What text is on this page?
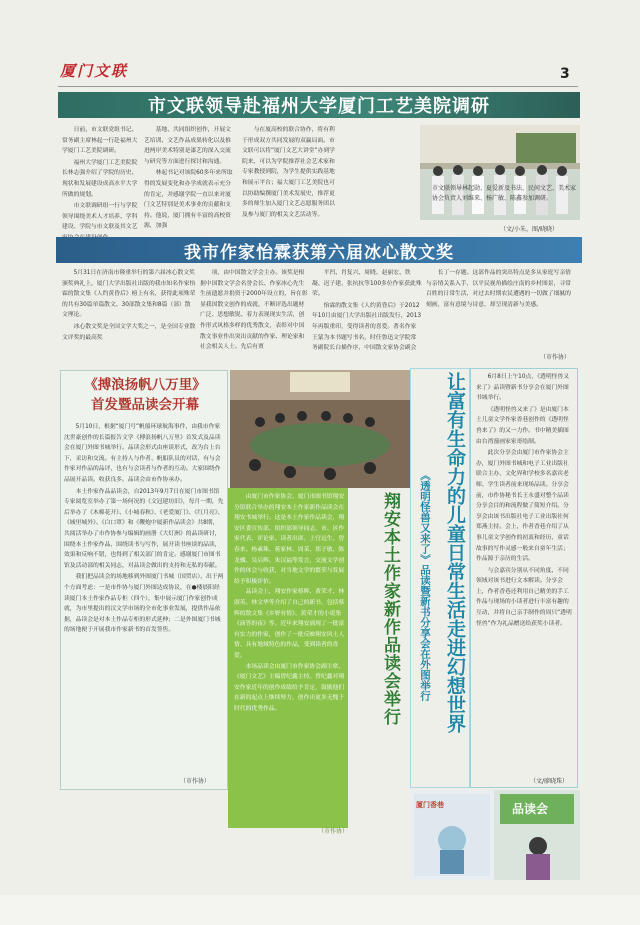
厦门文联	3
市文联领导赴福州大学厦门工艺美院调研

日前，市文联党组书记、常务副主席林起一行赴福州大学厦门工艺美院调研。

福州大学厦门工艺美院院长林志强介绍了学院的历史、现状和发展建设成高水平大学所做的规划。

市文联调研组一行与学院领导围绕美术人才培养、学科建设、学院与市文联及其文艺

基地、共同组织创作，开展文艺培训、文艺作品成果转化以及推进两岸美术特别是漆艺的深入交流与研究等方面进行探讨和沟通。

林起书记对该院60多年来所取得的发展变化和办学成就表示充分的肯定，并感谢学院一直以来对厦门文艺特别是美术事业的贡献和支持。他说，厦门拥有丰富的高校资源，加强

与在厦高校的联合协作，将有利于形成双方共同发展的双赢局面。市文联可以将“厦门文艺大讲堂”办到学院来，可以为学院推荐社会艺术家和专家教授到院，为学生提供实践基地和展示平台；福大厦门工艺美院也可以协助编撰厦门美术发展史，推荐更多的师生加入厦门文艺志愿服务团以及参与厦门的相关文艺活动等。

市文联领导林起勋、夏爱新及书法、民间文艺、美术家协会负责人刘维来、杨广敏、陈鑫参加调研。
（文/小朱，图/晓晓）
我市作家怡霖获第六届冰心散文奖

5月31日在济南市隆重举行的第六届冰心散文奖颁奖典礼上，厦门大学出版社出版的我市知名作家怡霖的散文集《人约黄昏后》榜上有名，获得此项殊荣的共有30篇单篇散文、30部散文集和8篇（部）散文理论。

冰心散文奖是全国文学大奖之一，是全国专业散文评奖的最高奖

项，由中国散文学会主办。该奖是根据中国散文学会名誉会长、作家冰心先生生前遗愿并捐资于2000年设立的，旨在彰显我国散文创作的成就，不断评选出题材广泛、思想敏锐、着力表现现实生活，创作形式风格多样的优秀散文，表彰对中国散文事业作出突出贡献的作家、理论家和社会相关人士。先后有贾

平凹、肖复兴、周晓、赵丽宏、铁凝、迟子建、张抗抗等100多位作家获此殊荣。

怡霖的散文集《人约黄昏后》于2012年10月由厦门大学出版社出版发行，2013年再版重印，受得读者的喜爱。著名作家王蒙为本书题写书名，时任鲁迅文学院常务副院长白描作序，中国散文家协会副会

长丁一存题。这部作品的突出特点是多从家庭写亲情与亲情关系入手，以平民视角描绘庄南的乡村图景，寻常百姓的日常生活，对过去时期农民遭遇的一切做了细腻的刻画，富有意境与诗意，却呈现清新与美感。

（市作协）
《搏浪扬帆八万里》
首发暨品读会开幕

5月10日，根据“厦门号”帆船环球航海事件，由我市作家沈世豪创作的长篇报告文学《搏浪扬帆八万里》首发式及品读会在厦门外图书城举行。品读会形式由座谈形式，改为台上台下，采访和交流。有主持人与作者、帆船队员的对话，有与会作家对作品的品评，也有与会读者与作者的互动。大家围绕作品展开品读。收获良多。品读会由市作协承办。

本土作家作品品读会，自2013年9月7日在厦门市图书馆专家阅览室举办了第一场何况的《文冠建坊旧》，每月一期，先后举办了《木棉花开》、《小城春秋》、《老爱厦门》、《红月亮》、《城里城外》、《白口罩》和《鞭炮中厦新作品读会》共8期，共阅活举办了市作协参与编辑的画册《大灯洲》的品读研讨，围绕本土作家作品，围绕读书与写作，展开读书座谈的品读，效果和反响不错，也得到了相关部门的肯定。感谢厦门市图书馆及活动部的相关同志，对品读会做出的支持和无私的奉献。

我们把品读会的场地移到外图厦门书城（国贸店），出于两个方面考虑：一是市作协与厦门外图达成协议，在●楼晨阳经读厦门本土作家作品专柜（四个），集中展示厦门作家创作成就，为市里提出的汉文学市场的全市化事业发展，提供作品依据，品读会是对本土作品专柜的形式延伸；二是外图厦门书城的场地便于开展我市作家新书的首发签售。

（市作协）

由厦门市作家协会、厦门市图书馆翔安分馆联合举办的翔安本土作家新作品读会在翔安书城举行。这是本土作家作品读会，翔安区委宣传部、组织部领导同志，市、区作家代表、评论家、读者出席。上官远生、曾春来、杨素珠、蒋家林、周茉、郑子敏、陈龙骥、吴启辉、朱汉福等发言，交流文学创作的体会与收获，对当地文学的繁荣与发展给予积极评价。

品读会上，翔安作家蔡辉、黄荣才、林淑英、林文华等介绍了自己的新书，包括蔡辉的散文集《乡野有情》、黄荣才的小说集《滴答的夜》等。近年来翔安涌现了一批富有实力的作家，创作了一批反映翔安风土人情、具有地域特色的作品，受到读者的喜爱。

本场品读会由厦门市作家协会副主席、《厦门文艺》主编曾纪鑫主持。曾纪鑫对翔安作家近年的创作成绩给予肯定，鼓励他们在新的起点上继续努力，创作出更多无愧于时代的优秀作品。

（市作协）
翔安本土作家新作品读会举行 让富有生命力的儿童日常生活走进幻想世界
《透明怪兽又来了》品读暨新书分享会在外图举行

6月8日上午10点，《透明怪兽又来了》品读暨新书分享会在厦门外图书城举行。

《透明怪兽又来了》是由厦门本土儿童文学作家香巷创作的《透明怪兽来了》的又一力作。书中精美插图由台湾漫画家家哥绘制。

此次分享会由厦门市作家协会主办，厦门外图书城和电子工业出版社联合主办，文化界和学校多名嘉宾老师、学生读者前来现场品读。分享会前，市作协秘书长王永盛对整个品读分享会目的和流程做了简短介绍。分享会由该书出版社电子工业出版社何郑燕主持。会上，作者香巷介绍了从事儿童文学创作的初衷和经历，童话故事的写作灵感一般来自童年生活；作品源于亲历的生活。

与会嘉宾分别从不同角度、不同领域对该书进行文本解读。分享会上，作者香巷还利用自己精美的手工作品与现场的小读者进行丰富有趣的互动，并将自己亲手制作的周只“透明怪兽”作为礼品赠送给获奖小读者。

（文/廖晓珠）
厦门香巷	品读会
